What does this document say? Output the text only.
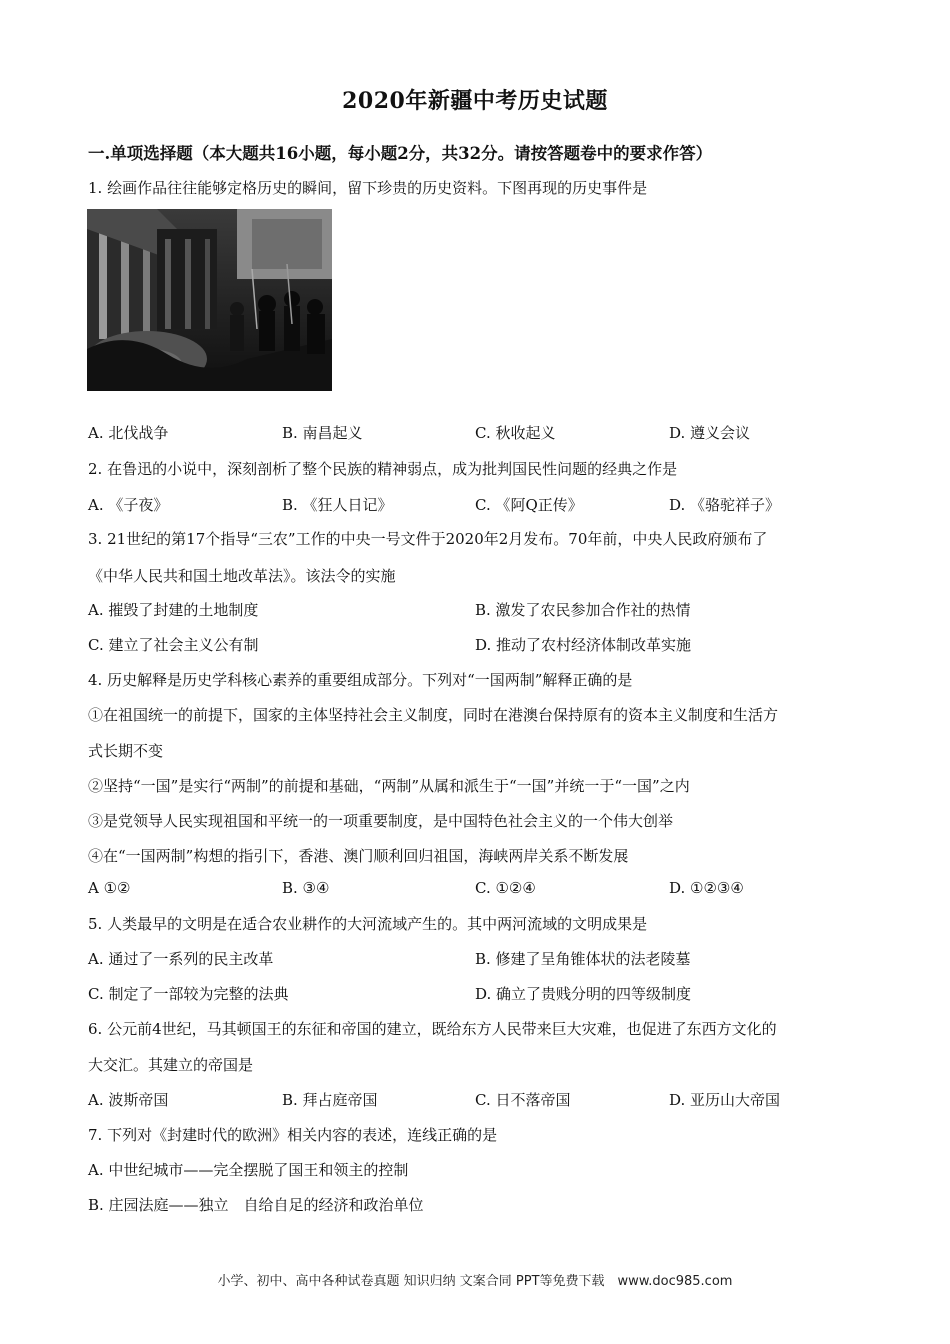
2020年新疆中考历史试题
一.单项选择题（本大题共16小题，每小题2分，共32分。请按答题卷中的要求作答）
1. 绘画作品往往能够定格历史的瞬间，留下珍贵的历史资料。下图再现的历史事件是
A. 北伐战争	B. 南昌起义	C. 秋收起义	D. 遵义会议
2. 在鲁迅的小说中，深刻剖析了整个民族的精神弱点，成为批判国民性问题的经典之作是
A. 《子夜》	B. 《狂人日记》	C. 《阿Q正传》	D. 《骆驼祥子》
3. 21世纪的第17个指导“三农”工作的中央一号文件于2020年2月发布。70年前，中央人民政府颁布了
《中华人民共和国土地改革法》。该法令的实施
A. 摧毁了封建的土地制度	B. 激发了农民参加合作社的热情
C. 建立了社会主义公有制	D. 推动了农村经济体制改革实施
4. 历史解释是历史学科核心素养的重要组成部分。下列对“一国两制”解释正确的是
①在祖国统一的前提下，国家的主体坚持社会主义制度，同时在港澳台保持原有的资本主义制度和生活方
式长期不变
②坚持“一国”是实行“两制”的前提和基础，“两制”从属和派生于“一国”并统一于“一国”之内
③是党领导人民实现祖国和平统一的一项重要制度，是中国特色社会主义的一个伟大创举
④在“一国两制”构想的指引下，香港、澳门顺利回归祖国，海峡两岸关系不断发展
A ①②	B. ③④	C. ①②④	D. ①②③④
5. 人类最早的文明是在适合农业耕作的大河流域产生的。其中两河流域的文明成果是
A. 通过了一系列的民主改革	B. 修建了呈角锥体状的法老陵墓
C. 制定了一部较为完整的法典	D. 确立了贵贱分明的四等级制度
6. 公元前4世纪，马其顿国王的东征和帝国的建立，既给东方人民带来巨大灾难，也促进了东西方文化的
大交汇。其建立的帝国是
A. 波斯帝国	B. 拜占庭帝国	C. 日不落帝国	D. 亚历山大帝国
7. 下列对《封建时代的欧洲》相关内容的表述，连线正确的是
A. 中世纪城市——完全摆脱了国王和领主的控制
B. 庄园法庭——独立　自给自足的经济和政治单位
小学、初中、高中各种试卷真题 知识归纳 文案合同 PPT等免费下载　www.doc985.com
